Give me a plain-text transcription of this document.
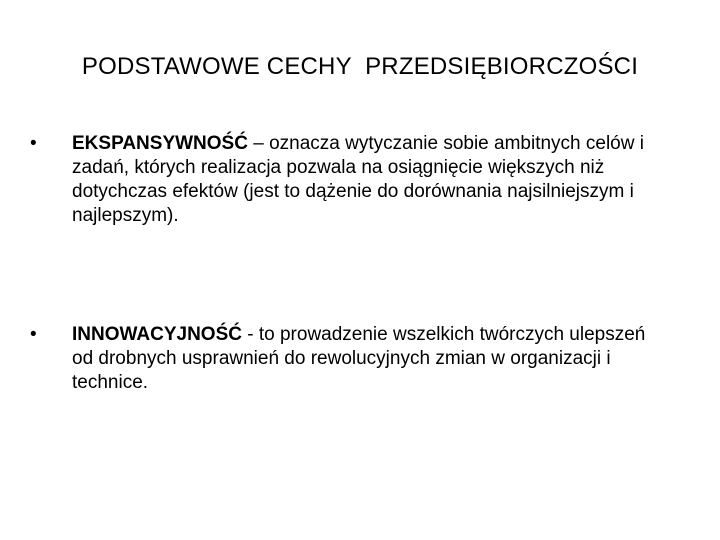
PODSTAWOWE CECHY  PRZEDSIĘBIORCZOŚCI
•	EKSPANSYWNOŚĆ – oznacza wytyczanie sobie ambitnych celów i zadań, których realizacja pozwala na osiągnięcie większych niż dotychczas efektów (jest to dążenie do dorównania najsilniejszym i najlepszym).
•	INNOWACYJNOŚĆ - to prowadzenie wszelkich twórczych ulepszeń od drobnych usprawnień do rewolucyjnych zmian w organizacji i technice.
